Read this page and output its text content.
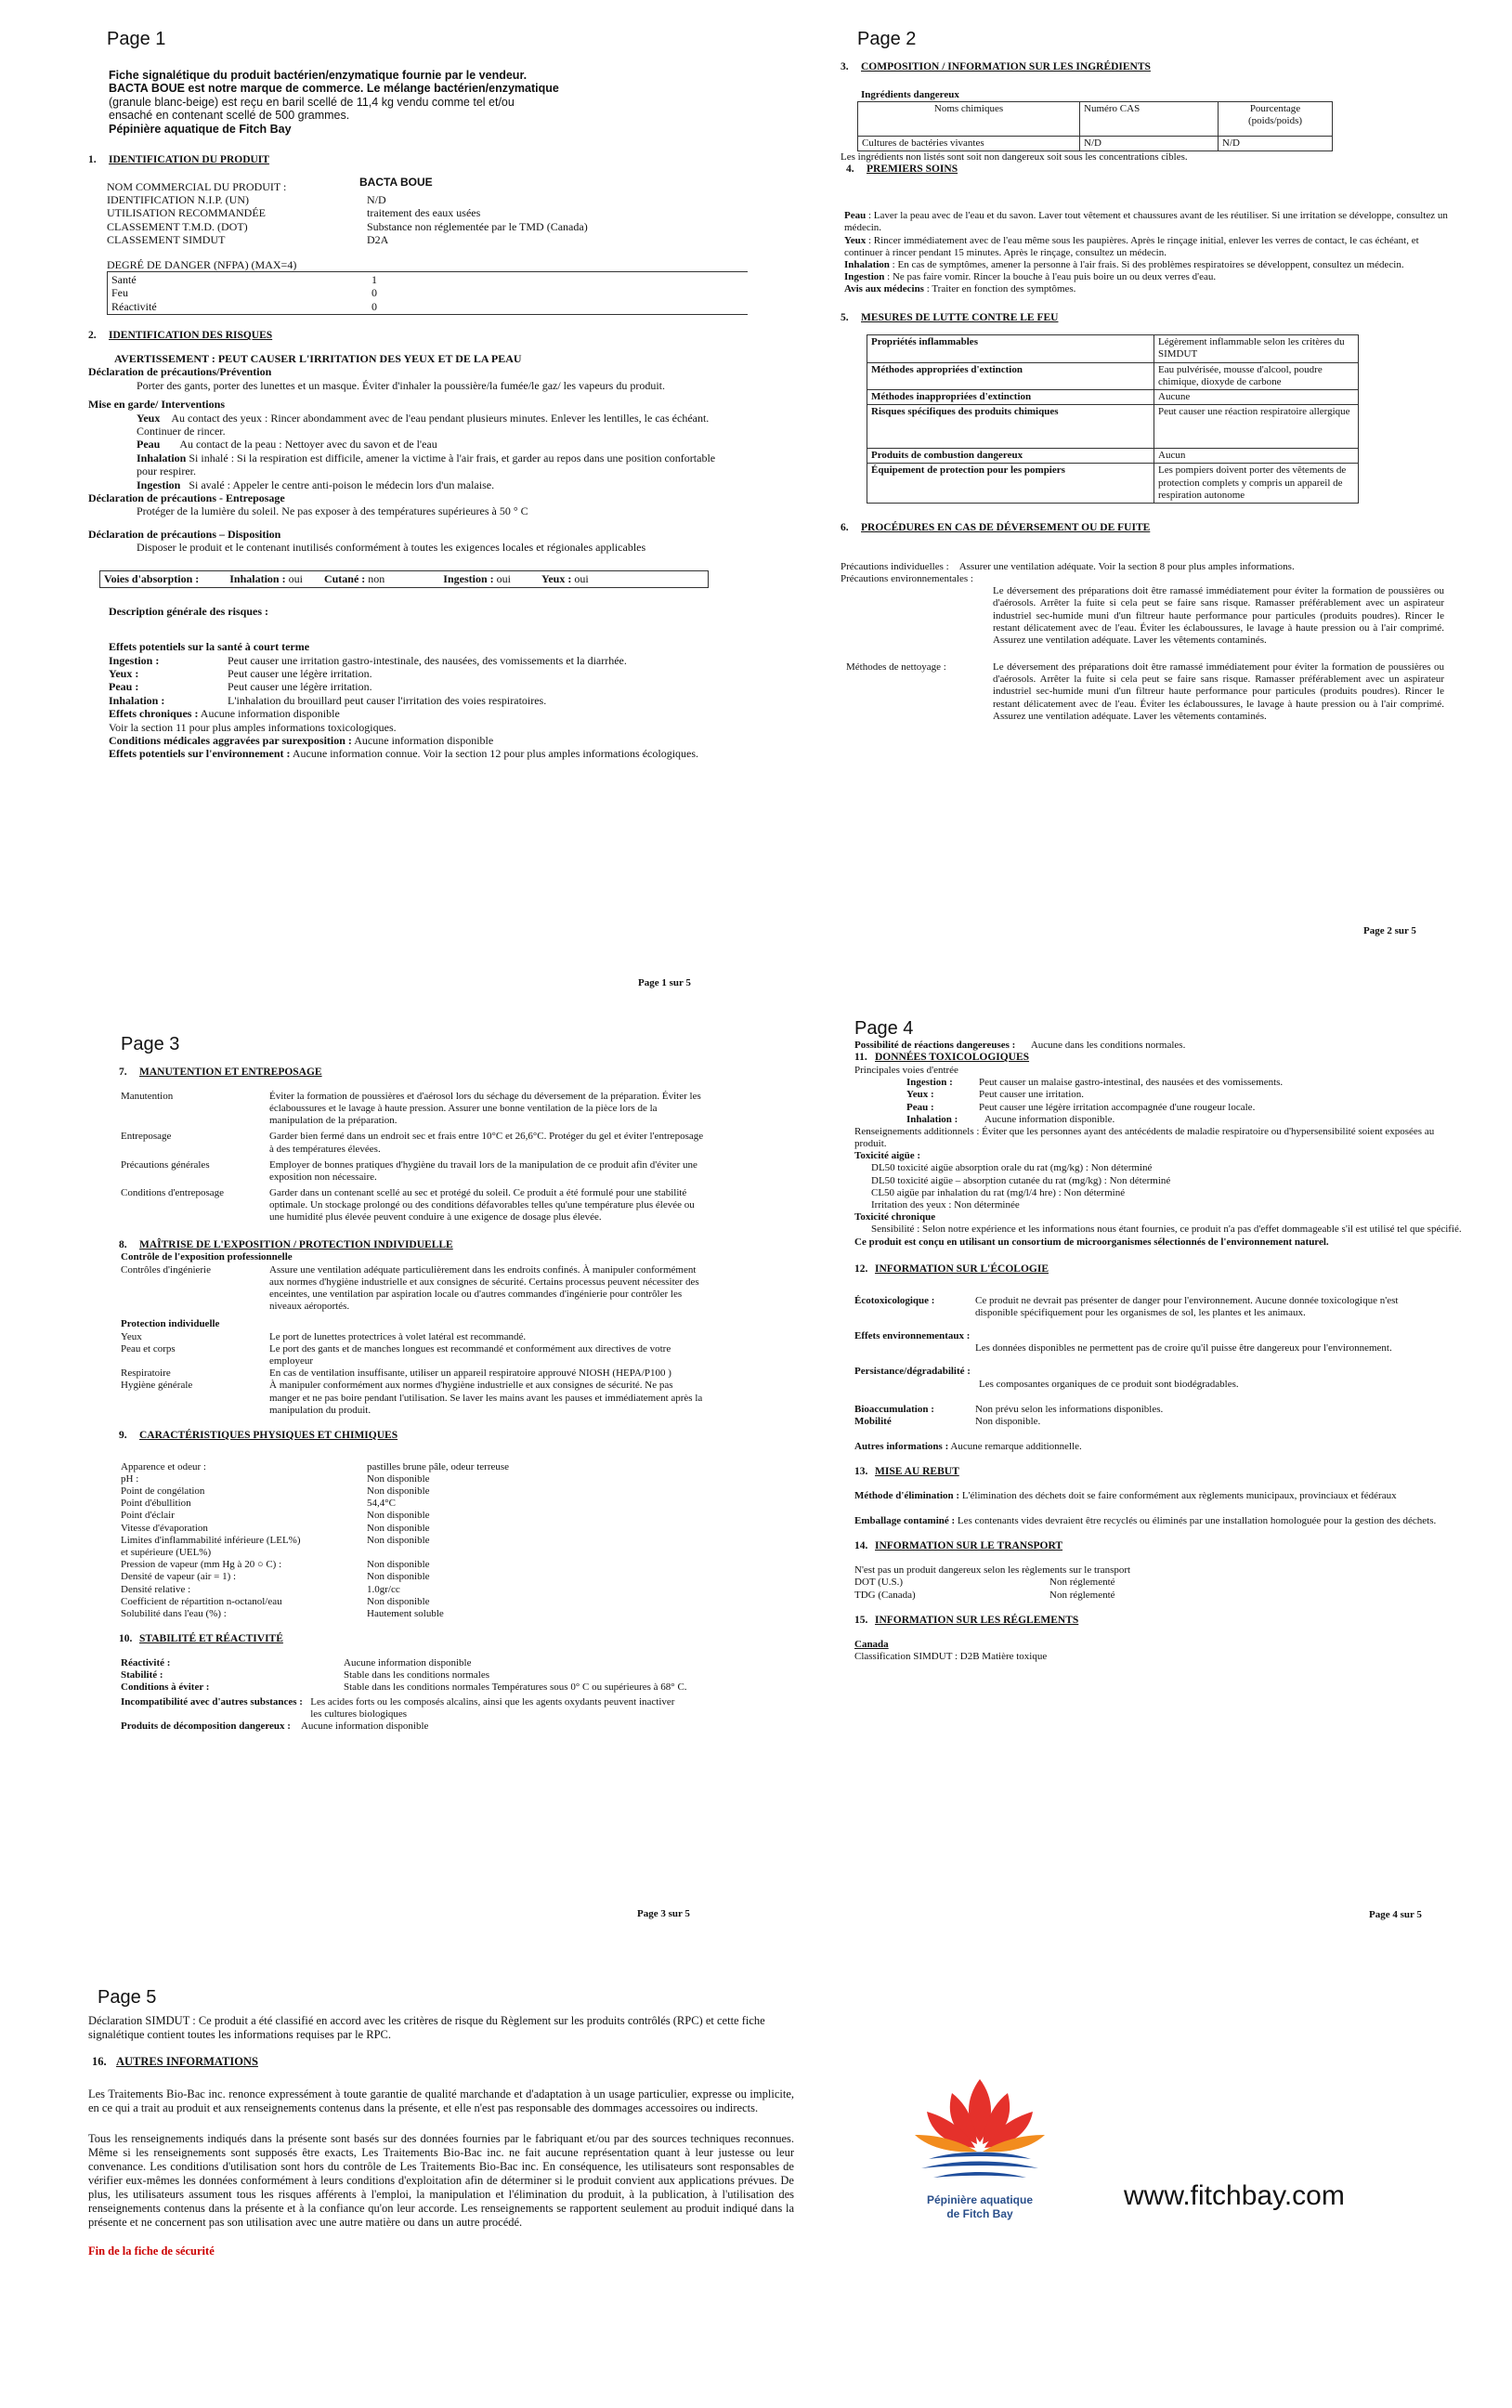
Page 1
Fiche signalétique du produit bactérien/enzymatique fournie par le vendeur.
BACTA BOUE est notre marque de commerce. Le mélange bactérien/enzymatique
(granule blanc-beige) est reçu en baril scellé de 11,4 kg vendu comme tel et/ou
ensaché en contenant scellé de 500 grammes.
Pépinière aquatique de Fitch Bay
1. IDENTIFICATION DU PRODUIT
NOM COMMERCIAL DU PRODUIT :	BACTA BOUE
IDENTIFICATION N.I.P. (UN)	N/D
UTILISATION RECOMMANDÉE	traitement des eaux usées
CLASSEMENT T.M.D. (DOT)	Substance non réglementée par le TMD (Canada)
CLASSEMENT SIMDUT	D2A
DEGRÉ DE DANGER (NFPA) (MAX=4)
Santé	1
Feu	0
Réactivité	0
2. IDENTIFICATION DES RISQUES
AVERTISSEMENT : PEUT CAUSER L'IRRITATION DES YEUX ET DE LA PEAU
Déclaration de précautions/Prévention
Porter des gants, porter des lunettes et un masque. Éviter d'inhaler la poussière/la fumée/le gaz/ les vapeurs du produit.
Mise en garde/ Interventions
Yeux Au contact des yeux : Rincer abondamment avec de l'eau pendant plusieurs minutes. Enlever les lentilles, le cas échéant. Continuer de rincer.
Peau Au contact de la peau : Nettoyer avec du savon et de l'eau
Inhalation Si inhalé : Si la respiration est difficile, amener la victime à l'air frais, et garder au repos dans une position confortable pour respirer.
Ingestion Si avalé : Appeler le centre anti-poison le médecin lors d'un malaise.
Déclaration de précautions - Entreposage
Protéger de la lumière du soleil. Ne pas exposer à des températures supérieures à 50 ° C
Déclaration de précautions – Disposition
Disposer le produit et le contenant inutilisés conformément à toutes les exigences locales et régionales applicables
Voies d'absorption :	Inhalation : oui Cutané : non	Ingestion : oui	Yeux : oui
Description générale des risques :
Effets potentiels sur la santé à court terme
Ingestion :	Peut causer une irritation gastro-intestinale, des nausées, des vomissements et la diarrhée.
Yeux :	Peut causer une légère irritation.
Peau :	Peut causer une légère irritation.
Inhalation :	L'inhalation du brouillard peut causer l'irritation des voies respiratoires.
Effets chroniques : Aucune information disponible
Voir la section 11 pour plus amples informations toxicologiques.
Conditions médicales aggravées par surexposition : Aucune information disponible
Effets potentiels sur l'environnement : Aucune information connue. Voir la section 12 pour plus amples informations écologiques.
Page 1 sur 5
Page 2
3. COMPOSITION / INFORMATION SUR LES INGRÉDIENTS
Ingrédients dangereux
Noms chimiques	Numéro CAS	Pourcentage (poids/poids)
Cultures de bactéries vivantes	N/D	N/D
Les ingrédients non listés sont soit non dangereux soit sous les concentrations cibles.
4. PREMIERS SOINS
Peau : Laver la peau avec de l'eau et du savon. Laver tout vêtement et chaussures avant de les réutiliser. Si une irritation se développe, consultez un médecin.
Yeux : Rincer immédiatement avec de l'eau même sous les paupières. Après le rinçage initial, enlever les verres de contact, le cas échéant, et continuer à rincer pendant 15 minutes. Après le rinçage, consultez un médecin.
Inhalation : En cas de symptômes, amener la personne à l'air frais. Si des problèmes respiratoires se développent, consultez un médecin.
Ingestion : Ne pas faire vomir. Rincer la bouche à l'eau puis boire un ou deux verres d'eau.
Avis aux médecins : Traiter en fonction des symptômes.
5. MESURES DE LUTTE CONTRE LE FEU
Propriétés inflammables	Légèrement inflammable selon les critères du SIMDUT
Méthodes appropriées d'extinction	Eau pulvérisée, mousse d'alcool, poudre chimique, dioxyde de carbone
Méthodes inappropriées d'extinction	Aucune
Risques spécifiques des produits chimiques	Peut causer une réaction respiratoire allergique
Produits de combustion dangereux	Aucun
Équipement de protection pour les pompiers	Les pompiers doivent porter des vêtements de protection complets y compris un appareil de respiration autonome
6. PROCÉDURES EN CAS DE DÉVERSEMENT OU DE FUITE
Précautions individuelles : Assurer une ventilation adéquate. Voir la section 8 pour plus amples informations.
Précautions environnementales :
Le déversement des préparations doit être ramassé immédiatement pour éviter la formation de poussières ou d'aérosols. Arrêter la fuite si cela peut se faire sans risque. Ramasser préférablement avec un aspirateur industriel sec-humide muni d'un filtreur haute performance pour particules (produits poudres). Rincer le restant délicatement avec de l'eau. Éviter les éclaboussures, le lavage à haute pression ou à l'air comprimé. Assurez une ventilation adéquate. Laver les vêtements contaminés.
Méthodes de nettoyage :	Le déversement des préparations doit être ramassé immédiatement pour éviter la formation de poussières ou d'aérosols. Arrêter la fuite si cela peut se faire sans risque. Ramasser préférablement avec un aspirateur industriel sec-humide muni d'un filtreur haute performance pour particules (produits poudres). Rincer le restant délicatement avec de l'eau. Éviter les éclaboussures, le lavage à haute pression ou à l'air comprimé. Assurez une ventilation adéquate. Laver les vêtements contaminés.
Page 2 sur 5
Page 3
7. MANUTENTION ET ENTREPOSAGE
Manutention	Éviter la formation de poussières et d'aérosol lors du séchage du déversement de la préparation. Éviter les éclaboussures et le lavage à haute pression. Assurer une bonne ventilation de la pièce lors de la manipulation de la préparation.
Entreposage	Garder bien fermé dans un endroit sec et frais entre 10°C et 26,6°C. Protéger du gel et éviter l'entreposage à des températures élevées.
Précautions générales	Employer de bonnes pratiques d'hygiène du travail lors de la manipulation de ce produit afin d'éviter une exposition non nécessaire.
Conditions d'entreposage	Garder dans un contenant scellé au sec et protégé du soleil. Ce produit a été formulé pour une stabilité optimale. Un stockage prolongé ou des conditions défavorables telles qu'une température plus élevée ou une humidité plus élevée peuvent conduire à une exigence de dosage plus élevée.
8. MAÎTRISE DE L'EXPOSITION / PROTECTION INDIVIDUELLE
Contrôle de l'exposition professionnelle
Contrôles d'ingénierie	Assure une ventilation adéquate particulièrement dans les endroits confinés. À manipuler conformément aux normes d'hygiène industrielle et aux consignes de sécurité. Certains processus peuvent nécessiter des enceintes, une ventilation par aspiration locale ou d'autres commandes d'ingénierie pour contrôler les niveaux aéroportés.
Protection individuelle
Yeux	Le port de lunettes protectrices à volet latéral est recommandé.
Peau et corps	Le port des gants et de manches longues est recommandé et conformément aux directives de votre employeur
Respiratoire	En cas de ventilation insuffisante, utiliser un appareil respiratoire approuvé NIOSH (HEPA/P100 )
Hygiène générale	À manipuler conformément aux normes d'hygiène industrielle et aux consignes de sécurité. Ne pas manger et ne pas boire pendant l'utilisation. Se laver les mains avant les pauses et immédiatement après la manipulation du produit.
9. CARACTÉRISTIQUES PHYSIQUES ET CHIMIQUES
Apparence et odeur :	pastilles brune pâle, odeur terreuse
pH :	Non disponible
Point de congélation	Non disponible
Point d'ébullition	54,4°C
Point d'éclair	Non disponible
Vitesse d'évaporation	Non disponible
Limites d'inflammabilité inférieure (LEL%) et supérieure (UEL%)
Non disponible
Pression de vapeur (mm Hg à 20 ○ C) :	Non disponible
Densité de vapeur (air = 1) :	Non disponible
Densité relative :	1.0gr/cc
Coefficient de répartition n-octanol/eau	Non disponible
Solubilité dans l'eau (%) :	Hautement soluble
10. STABILITÉ ET RÉACTIVITÉ
Réactivité :	Aucune information disponible
Stabilité :	Stable dans les conditions normales
Conditions à éviter :	Stable dans les conditions normales Températures sous 0° C ou supérieures à 68° C.
Incompatibilité avec d'autres substances :
Les acides forts ou les composés alcalins, ainsi que les agents oxydants peuvent inactiver les cultures biologiques
Produits de décomposition dangereux : Aucune information disponible
Page 3 sur 5
Page 4
Possibilité de réactions dangereuses : Aucune dans les conditions normales.
11. DONNÉES TOXICOLOGIQUES
Principales voies d'entrée
Ingestion :	Peut causer un malaise gastro-intestinal, des nausées et des vomissements.
Yeux :	Peut causer une irritation.
Peau :	Peut causer une légère irritation accompagnée d'une rougeur locale.
Inhalation :	Aucune information disponible.
Renseignements additionnels : Éviter que les personnes ayant des antécédents de maladie respiratoire ou d'hypersensibilité soient exposées au produit.
Toxicité aigüe :
DL50 toxicité aigüe absorption orale du rat (mg/kg) : Non déterminé
DL50 toxicité aigüe – absorption cutanée du rat (mg/kg) : Non déterminé
CL50 aigüe par inhalation du rat (mg/l/4 hre) : Non déterminé
Irritation des yeux : Non déterminée
Toxicité chronique
Sensibilité : Selon notre expérience et les informations nous étant fournies, ce produit n'a pas d'effet dommageable s'il est utilisé tel que spécifié.
Ce produit est conçu en utilisant un consortium de microorganismes sélectionnés de l'environnement naturel.
12. INFORMATION SUR L'ÉCOLOGIE
Écotoxicologique :	Ce produit ne devrait pas présenter de danger pour l'environnement. Aucune donnée toxicologique n'est disponible spécifiquement pour les organismes de sol, les plantes et les animaux.
Effets environnementaux :
Les données disponibles ne permettent pas de croire qu'il puisse être dangereux pour l'environnement.
Persistance/dégradabilité :
Les composantes organiques de ce produit sont biodégradables.
Bioaccumulation :	Non prévu selon les informations disponibles.
Mobilité	Non disponible.
Autres informations : Aucune remarque additionnelle.
13. MISE AU REBUT
Méthode d'élimination : L'élimination des déchets doit se faire conformément aux règlements municipaux, provinciaux et fédéraux
Emballage contaminé : Les contenants vides devraient être recyclés ou éliminés par une installation homologuée pour la gestion des déchets.
14. INFORMATION SUR LE TRANSPORT
N'est pas un produit dangereux selon les règlements sur le transport
DOT (U.S.)	Non réglementé
TDG (Canada)	Non réglementé
15. INFORMATION SUR LES RÉGLEMENTS
Canada
Classification SIMDUT : D2B Matière toxique
Page 4 sur 5
Page 5
Déclaration SIMDUT : Ce produit a été classifié en accord avec les critères de risque du Règlement sur les produits contrôlés (RPC) et cette fiche signalétique contient toutes les informations requises par le RPC.
16. AUTRES INFORMATIONS
Les Traitements Bio-Bac inc. renonce expressément à toute garantie de qualité marchande et d'adaptation à un usage particulier, expresse ou implicite, en ce qui a trait au produit et aux renseignements contenus dans la présente, et elle n'est pas responsable des dommages accessoires ou indirects.
Tous les renseignements indiqués dans la présente sont basés sur des données fournies par le fabriquant et/ou par des sources techniques reconnues. Même si les renseignements sont supposés être exacts, Les Traitements Bio-Bac inc. ne fait aucune représentation quant à leur justesse ou leur convenance. Les conditions d'utilisation sont hors du contrôle de Les Traitements Bio-Bac inc. En conséquence, les utilisateurs sont responsables de vérifier eux-mêmes les données conformément à leurs conditions d'exploitation afin de déterminer si le produit convient aux applications prévues. De plus, les utilisateurs assument tous les risques afférents à l'emploi, la manipulation et l'élimination du produit, à la publication, à l'utilisation des renseignements contenus dans la présente et à la confiance qu'on leur accorde. Les renseignements se rapportent seulement au produit indiqué dans la présente et ne concernent pas son utilisation avec une autre matière ou dans un autre procédé.
Fin de la fiche de sécurité
Pépinière aquatique
de Fitch Bay
www.fitchbay.com
